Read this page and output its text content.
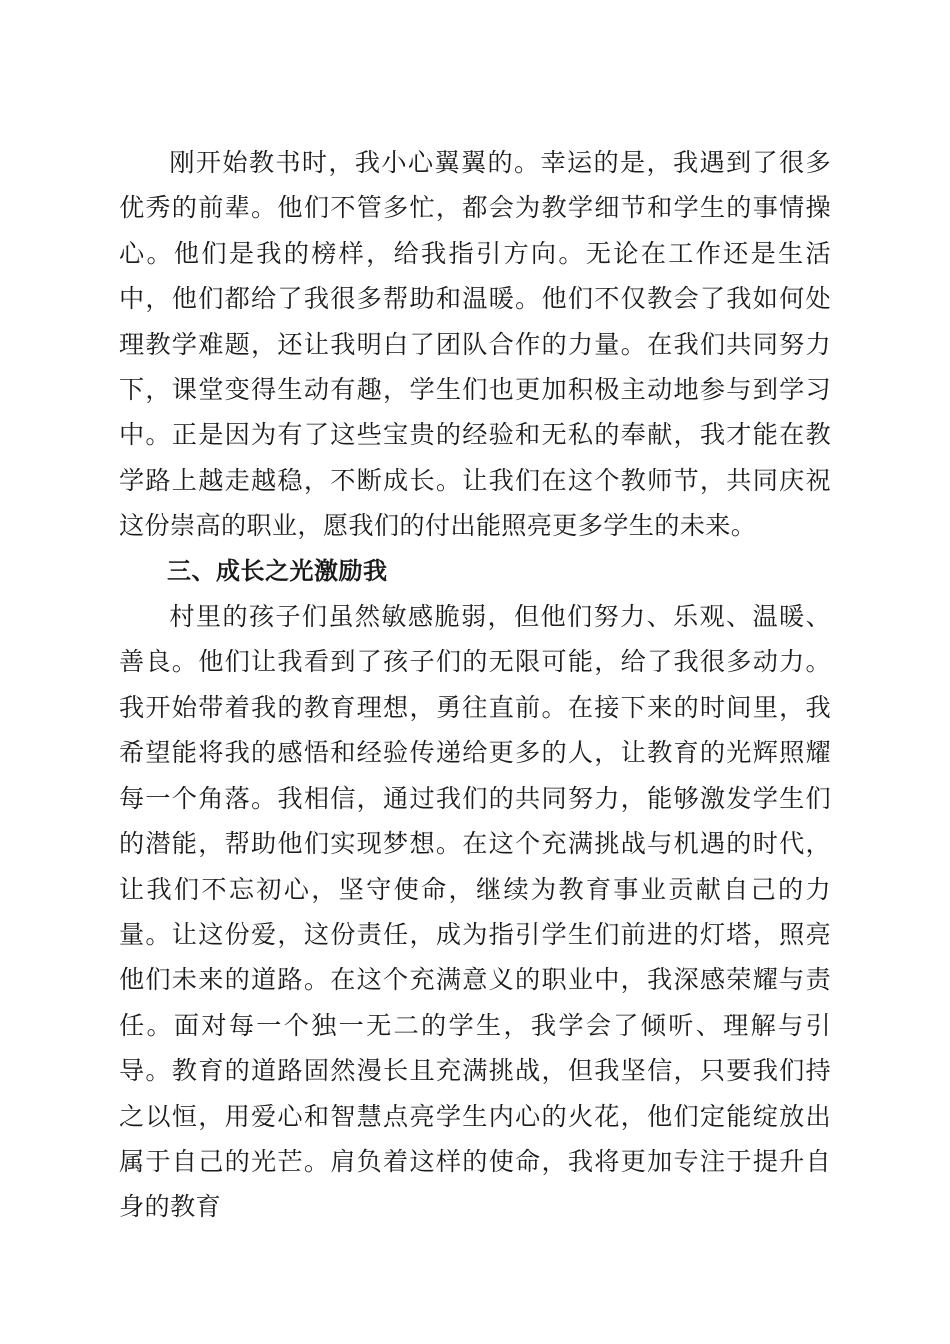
刚开始教书时，我小心翼翼的。幸运的是，我遇到了很多优秀的前辈。他们不管多忙，都会为教学细节和学生的事情操心。他们是我的榜样，给我指引方向。无论在工作还是生活中，他们都给了我很多帮助和温暖。他们不仅教会了我如何处理教学难题，还让我明白了团队合作的力量。在我们共同努力下，课堂变得生动有趣，学生们也更加积极主动地参与到学习中。正是因为有了这些宝贵的经验和无私的奉献，我才能在教学路上越走越稳，不断成长。让我们在这个教师节，共同庆祝这份崇高的职业，愿我们的付出能照亮更多学生的未来。

三、成长之光激励我

村里的孩子们虽然敏感脆弱，但他们努力、乐观、温暖、善良。他们让我看到了孩子们的无限可能，给了我很多动力。我开始带着我的教育理想，勇往直前。在接下来的时间里，我希望能将我的感悟和经验传递给更多的人，让教育的光辉照耀每一个角落。我相信，通过我们的共同努力，能够激发学生们的潜能，帮助他们实现梦想。在这个充满挑战与机遇的时代，让我们不忘初心，坚守使命，继续为教育事业贡献自己的力量。让这份爱，这份责任，成为指引学生们前进的灯塔，照亮他们未来的道路。在这个充满意义的职业中，我深感荣耀与责任。面对每一个独一无二的学生，我学会了倾听、理解与引导。教育的道路固然漫长且充满挑战，但我坚信，只要我们持之以恒，用爱心和智慧点亮学生内心的火花，他们定能绽放出属于自己的光芒。肩负着这样的使命，我将更加专注于提升自身的教育
